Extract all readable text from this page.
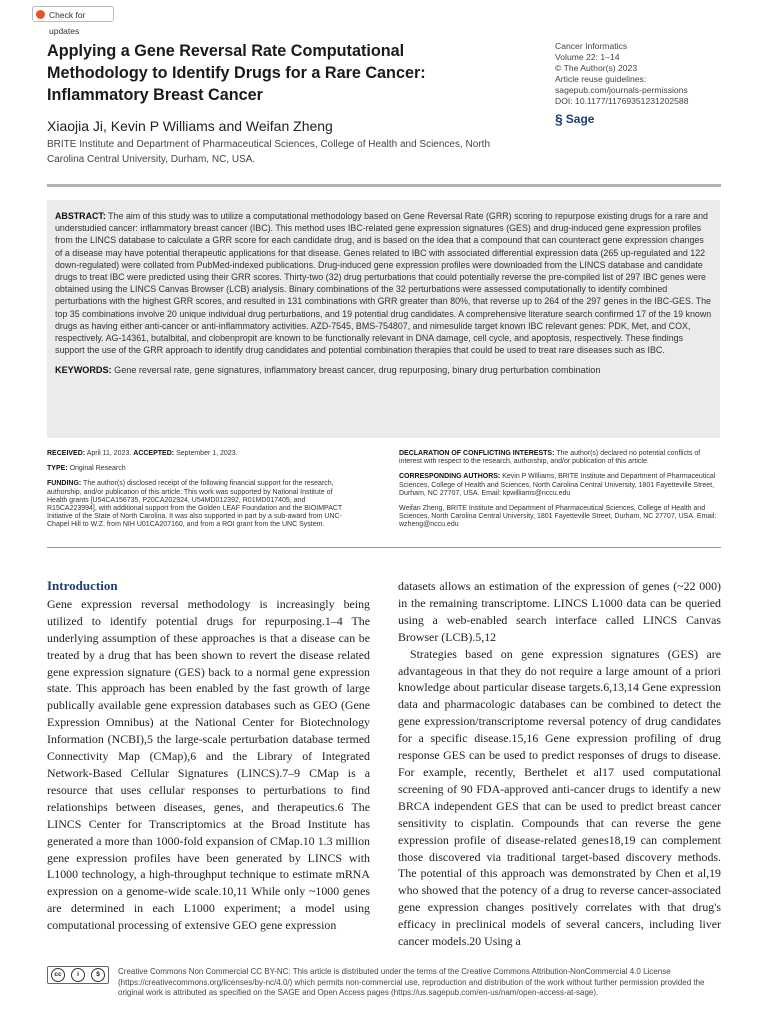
Check for updates
Applying a Gene Reversal Rate Computational Methodology to Identify Drugs for a Rare Cancer: Inflammatory Breast Cancer
Xiaojia Ji, Kevin P Williams and Weifan Zheng
BRITE Institute and Department of Pharmaceutical Sciences, College of Health and Sciences, North Carolina Central University, Durham, NC, USA.
Cancer Informatics
Volume 22: 1–14
© The Author(s) 2023
Article reuse guidelines:
sagepub.com/journals-permissions
DOI: 10.1177/11769351231202588
§ Sage
ABSTRACT: The aim of this study was to utilize a computational methodology based on Gene Reversal Rate (GRR) scoring to repurpose existing drugs for a rare and understudied cancer: inflammatory breast cancer (IBC). This method uses IBC-related gene expression signatures (GES) and drug-induced gene expression profiles from the LINCS database to calculate a GRR score for each candidate drug, and is based on the idea that a compound that can counteract gene expression changes of a disease may have potential therapeutic applications for that disease. Genes related to IBC with associated differential expression data (265 up-regulated and 122 down-regulated) were collated from PubMed-indexed publications. Drug-induced gene expression profiles were downloaded from the LINCS database and candidate drugs to treat IBC were predicted using their GRR scores. Thirty-two (32) drug perturbations that could potentially reverse the pre-compiled list of 297 IBC genes were obtained using the LINCS Canvas Browser (LCB) analysis. Binary combinations of the 32 perturbations were assessed computationally to identify combined perturbations with the highest GRR scores, and resulted in 131 combinations with GRR greater than 80%, that reverse up to 264 of the 297 genes in the IBC-GES. The top 35 combinations involve 20 unique individual drug perturbations, and 19 potential drug candidates. A comprehensive literature search confirmed 17 of the 19 known drugs as having either anti-cancer or anti-inflammatory activities. AZD-7545, BMS-754807, and nimesulide target known IBC relevant genes: PDK, Met, and COX, respectively. AG-14361, butalbital, and clobenpropit are known to be functionally relevant in DNA damage, cell cycle, and apoptosis, respectively. These findings support the use of the GRR approach to identify drug candidates and potential combination therapies that could be used to treat rare diseases such as IBC.
KEYWORDS: Gene reversal rate, gene signatures, inflammatory breast cancer, drug repurposing, binary drug perturbation combination

RECEIVED: April 11, 2023. ACCEPTED: September 1, 2023.

TYPE: Original Research

FUNDING: The author(s) disclosed receipt of the following financial support for the research, authorship, and/or publication of this article: This work was supported by National Institute of Health grants [U54CA156735, P20CA202924, U54MD012392, R01MD017405, and R15CA223994], with additional support from the Golden LEAF Foundation and the BIOIMPACT Initiative of the State of North Carolina. It was also supported in part by a sub-award from UNC-Chapel Hill to W.Z. from NIH U01CA207160, and from a ROI grant from the UNC System.

DECLARATION OF CONFLICTING INTERESTS: The author(s) declared no potential conflicts of interest with respect to the research, authorship, and/or publication of this article.

CORRESPONDING AUTHORS: Kevin P Williams, BRITE Institute and Department of Pharmaceutical Sciences, College of Health and Sciences, North Carolina Central University, 1801 Fayetteville Street, Durham, NC 27707, USA. Email: kpwilliams@nccu.edu

Weifan Zheng, BRITE Institute and Department of Pharmaceutical Sciences, College of Health and Sciences, North Carolina Central University, 1801 Fayetteville Street, Durham, NC 27707, USA. Email: wzheng@nccu.edu

Introduction

Gene expression reversal methodology is increasingly being utilized to identify potential drugs for repurposing.1–4 The underlying assumption of these approaches is that a disease can be treated by a drug that has been shown to revert the disease related gene expression signature (GES) back to a normal gene expression state. This approach has been enabled by the fast growth of large publically available gene expression databases such as GEO (Gene Expression Omnibus) at the National Center for Biotechnology Information (NCBI),5 the large-scale perturbation database termed Connectivity Map (CMap),6 and the Library of Integrated Network-Based Cellular Signatures (LINCS).7–9 CMap is a resource that uses cellular responses to perturbations to find relationships between diseases, genes, and therapeutics.6 The LINCS Center for Transcriptomics at the Broad Institute has generated a more than 1000-fold expansion of CMap.10 1.3 million gene expression profiles have been generated by LINCS with L1000 technology, a high-throughput technique to estimate mRNA expression on a genome-wide scale.10,11 While only ~1000 genes are determined in each L1000 experiment; a model using computational processing of extensive GEO gene expression

datasets allows an estimation of the expression of genes (~22 000) in the remaining transcriptome. LINCS L1000 data can be queried using a web-enabled search interface called LINCS Canvas Browser (LCB).5,12

Strategies based on gene expression signatures (GES) are advantageous in that they do not require a large amount of a priori knowledge about particular disease targets.6,13,14 Gene expression data and pharmacologic databases can be combined to detect the gene expression/transcriptome reversal potency of drug candidates for a specific disease.15,16 Gene expression profiling of drug response GES can be used to predict responses of drugs to disease. For example, recently, Berthelet et al17 used computational screening of 90 FDA-approved anti-cancer drugs to identify a new BRCA independent GES that can be used to predict breast cancer sensitivity to cisplatin. Compounds that can reverse the gene expression profile of disease-related genes18,19 can complement those discovered via traditional target-based discovery methods. The potential of this approach was demonstrated by Chen et al,19 who showed that the potency of a drug to reverse cancer-associated gene expression changes positively correlates with that drug's efficacy in preclinical models of several cancers, including liver cancer models.20 Using a

cc	i	$	Creative Commons Non Commercial CC BY-NC: This article is distributed under the terms of the Creative Commons Attribution-NonCommercial 4.0 License (https://creativecommons.org/licenses/by-nc/4.0/) which permits non-commercial use, reproduction and distribution of the work without further permission provided the original work is attributed as specified on the SAGE and Open Access pages (https://us.sagepub.com/en-us/nam/open-access-at-sage).
